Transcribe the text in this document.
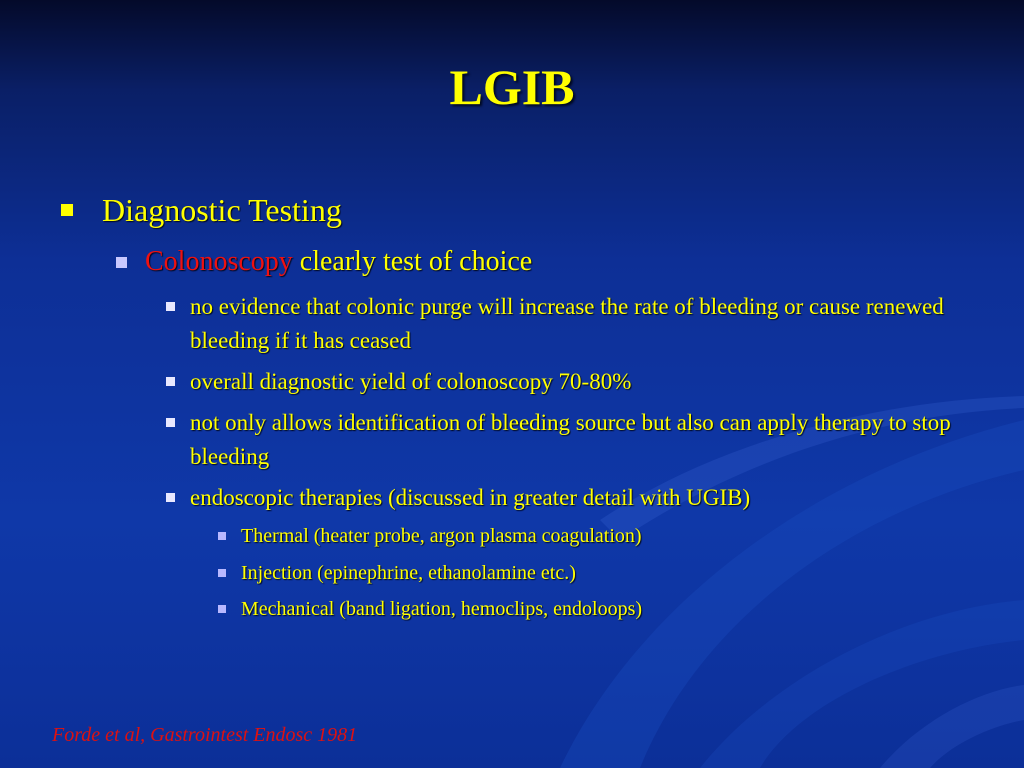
LGIB
Diagnostic Testing
Colonoscopy clearly test of choice
no evidence that colonic purge will increase the rate of bleeding or cause renewed bleeding if it has ceased
overall diagnostic yield of colonoscopy 70-80%
not only allows identification of bleeding source but also can apply therapy to stop bleeding
endoscopic therapies (discussed in greater detail with UGIB)
Thermal (heater probe, argon plasma coagulation)
Injection (epinephrine, ethanolamine etc.)
Mechanical (band ligation, hemoclips, endoloops)
Forde et al, Gastrointest Endosc 1981
